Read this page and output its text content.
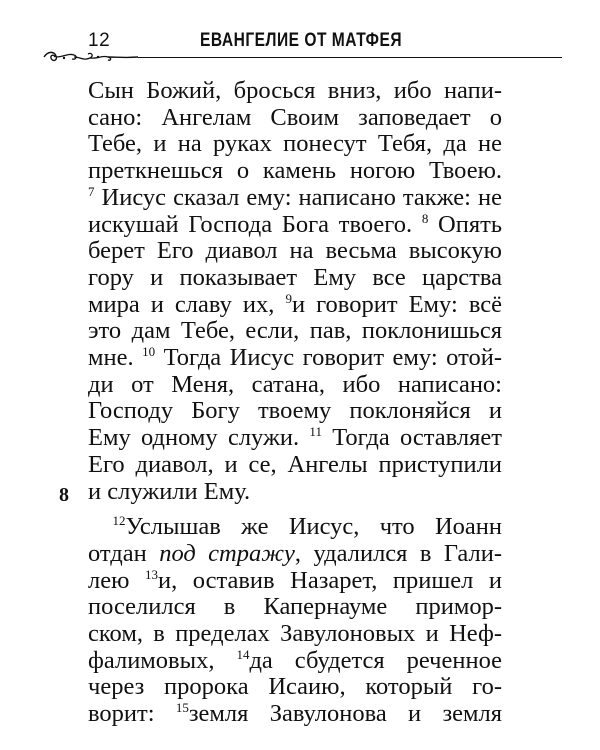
12	ЕВАНГЕЛИЕ ОТ МАТФЕЯ
8
Сын Божий, бросься вниз, ибо напи-
сано: Ангелам Своим заповедает о
Тебе, и на руках понесут Тебя, да не
преткнешься о камень ногою Твоею.
$^7$ Иисус сказал ему: написано также: не
искушай Господа Бога твоего. $^8$ Опять
берет Его диавол на весьма высокую
гору и показывает Ему все царства
мира и славу их, $^9$и говорит Ему: всё
это дам Тебе, если, пав, поклонишься
мне. $^{10}$ Тогда Иисус говорит ему: отой-
ди от Меня, сатана, ибо написано:
Господу Богу твоему поклоняйся и
Ему одному служи. $^{11}$ Тогда оставляет
Его диавол, и се, Ангелы приступили
и служили Ему.
 $^{12}$Услышав же Иисус, что Иоанн
отдан под стражу, удалился в Гали-
лею $^{13}$и, оставив Назарет, пришел и
поселился в Капернауме примор-
ском, в пределах Завулоновых и Неф-
фалимовых, $^{14}$да сбудется реченное
через пророка Исаию, который го-
ворит: $^{15}$земля Завулонова и земля
